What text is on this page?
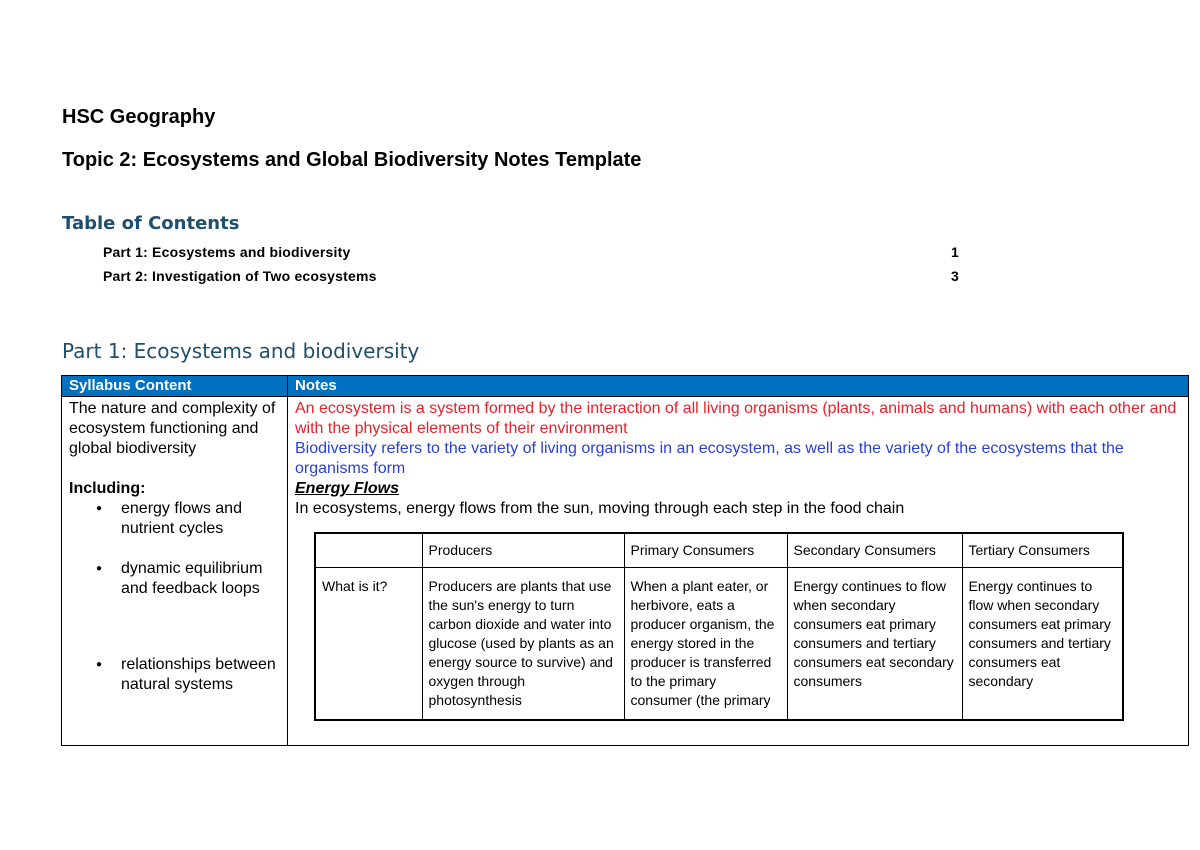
HSC Geography
Topic 2: Ecosystems and Global Biodiversity Notes Template
Table of Contents
Part 1: Ecosystems and biodiversity	1
Part 2: Investigation of Two ecosystems	3
Part 1: Ecosystems and biodiversity
Syllabus Content	Notes

The nature and complexity of ecosystem functioning and global biodiversity
Including:
● energy flows and nutrient cycles
● dynamic equilibrium and feedback loops
● relationships between natural systems

An ecosystem is a system formed by the interaction of all living organisms (plants, animals and humans) with each other and with the physical elements of their environment
Biodiversity refers to the variety of living organisms in an ecosystem, as well as the variety of the ecosystems that the organisms form
Energy Flows
In ecosystems, energy flows from the sun, moving through each step in the food chain
	Producers	Primary Consumers	Secondary Consumers	Tertiary Consumers
What is it?	Producers are plants that use the sun's energy to turn carbon dioxide and water into glucose (used by plants as an energy source to survive) and oxygen through photosynthesis	When a plant eater, or herbivore, eats a producer organism, the energy stored in the producer is transferred to the primary consumer (the primary	Energy continues to flow when secondary consumers eat primary consumers and tertiary consumers eat secondary consumers	Energy continues to flow when secondary consumers eat primary consumers and tertiary consumers eat secondary
